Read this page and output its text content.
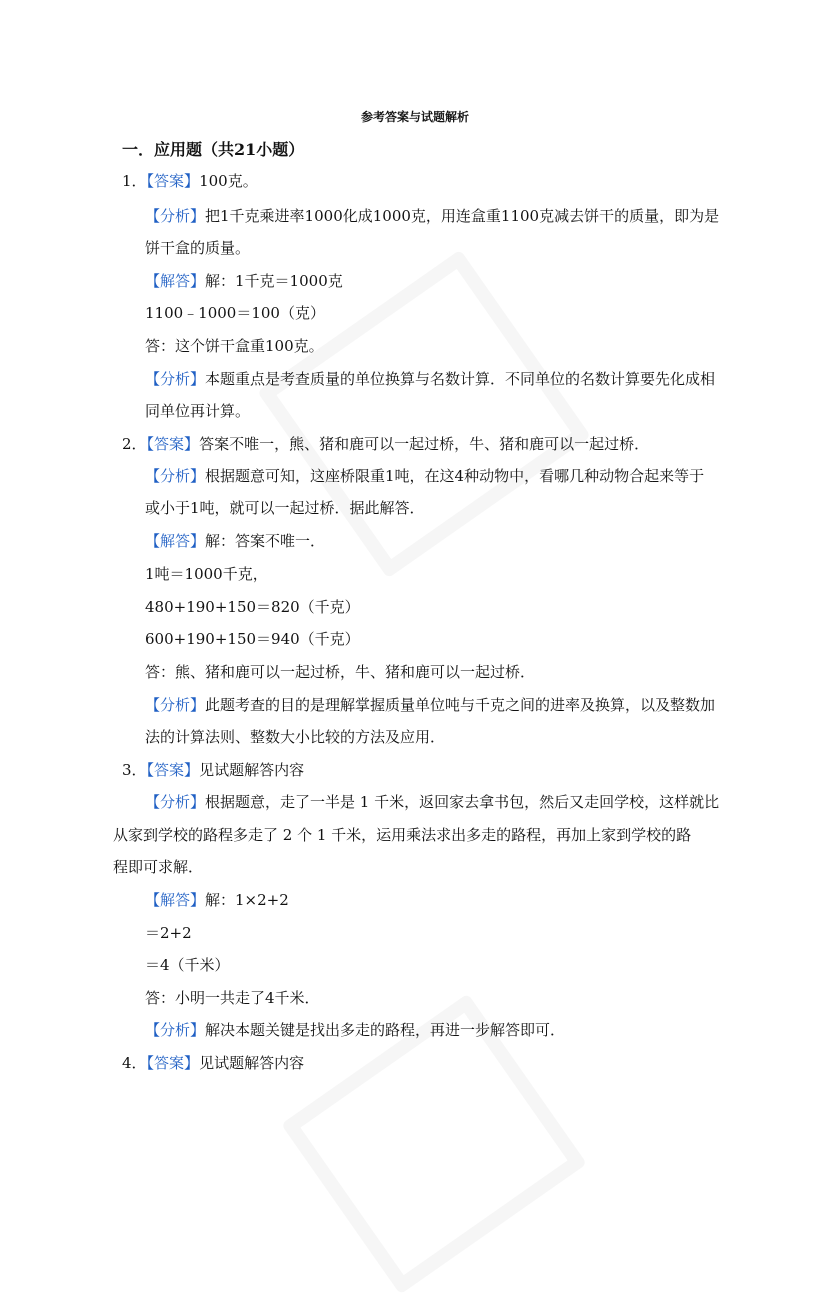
参考答案与试题解析
一．应用题（共21小题）
1．【答案】100克。
【分析】把1千克乘进率1000化成1000克，用连盒重1100克减去饼干的质量，即为是
饼干盒的质量。
【解答】解：1千克＝1000克
1100﹣1000＝100（克）
答：这个饼干盒重100克。
【分析】本题重点是考查质量的单位换算与名数计算．不同单位的名数计算要先化成相
同单位再计算。
2．【答案】答案不唯一，熊、猪和鹿可以一起过桥，牛、猪和鹿可以一起过桥．
【分析】根据题意可知，这座桥限重1吨，在这4种动物中，看哪几种动物合起来等于
或小于1吨，就可以一起过桥．据此解答．
【解答】解：答案不唯一．
1吨＝1000千克，
480+190+150＝820（千克）
600+190+150＝940（千克）
答：熊、猪和鹿可以一起过桥，牛、猪和鹿可以一起过桥．
【分析】此题考查的目的是理解掌握质量单位吨与千克之间的进率及换算，以及整数加
法的计算法则、整数大小比较的方法及应用．
3．【答案】见试题解答内容
【分析】根据题意，走了一半是 1 千米，返回家去拿书包，然后又走回学校，这样就比
从家到学校的路程多走了 2 个 1 千米，运用乘法求出多走的路程，再加上家到学校的路
程即可求解．
【解答】解：1×2+2
＝2+2
＝4（千米）
答：小明一共走了4千米．
【分析】解决本题关键是找出多走的路程，再进一步解答即可．
4．【答案】见试题解答内容
